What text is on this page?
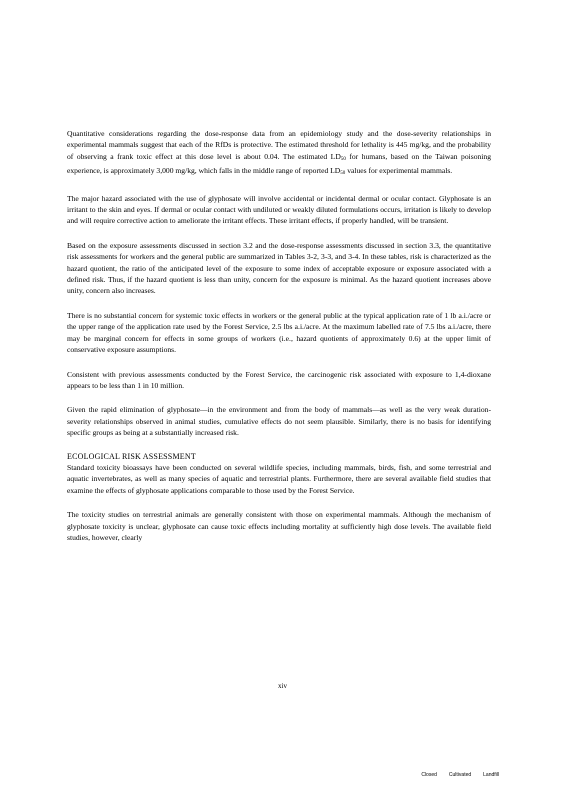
Quantitative considerations regarding the dose-response data from an epidemiology study and the dose-severity relationships in experimental mammals suggest that each of the RfDs is protective. The estimated threshold for lethality is 445 mg/kg, and the probability of observing a frank toxic effect at this dose level is about 0.04. The estimated $LD_{50}$ for humans, based on the Taiwan poisoning experience, is approximately 3,000 mg/kg, which falls in the middle range of reported $LD_{50}$ values for experimental mammals.

The major hazard associated with the use of glyphosate will involve accidental or incidental dermal or ocular contact. Glyphosate is an irritant to the skin and eyes. If dermal or ocular contact with undiluted or weakly diluted formulations occurs, irritation is likely to develop and will require corrective action to ameliorate the irritant effects. These irritant effects, if properly handled, will be transient.

Based on the exposure assessments discussed in section 3.2 and the dose-response assessments discussed in section 3.3, the quantitative risk assessments for workers and the general public are summarized in Tables 3-2, 3-3, and 3-4. In these tables, risk is characterized as the hazard quotient, the ratio of the anticipated level of the exposure to some index of acceptable exposure or exposure associated with a defined risk. Thus, if the hazard quotient is less than unity, concern for the exposure is minimal. As the hazard quotient increases above unity, concern also increases.

There is no substantial concern for systemic toxic effects in workers or the general public at the typical application rate of 1 lb a.i./acre or the upper range of the application rate used by the Forest Service, 2.5 lbs a.i./acre. At the maximum labelled rate of 7.5 lbs a.i./acre, there may be marginal concern for effects in some groups of workers (i.e., hazard quotients of approximately 0.6) at the upper limit of conservative exposure assumptions.

Consistent with previous assessments conducted by the Forest Service, the carcinogenic risk associated with exposure to 1,4-dioxane appears to be less than 1 in 10 million.

Given the rapid elimination of glyphosate—in the environment and from the body of mammals—as well as the very weak duration-severity relationships observed in animal studies, cumulative effects do not seem plausible. Similarly, there is no basis for identifying specific groups as being at a substantially increased risk.

ECOLOGICAL RISK ASSESSMENT

Standard toxicity bioassays have been conducted on several wildlife species, including mammals, birds, fish, and some terrestrial and aquatic invertebrates, as well as many species of aquatic and terrestrial plants. Furthermore, there are several available field studies that examine the effects of glyphosate applications comparable to those used by the Forest Service.

The toxicity studies on terrestrial animals are generally consistent with those on experimental mammals. Although the mechanism of glyphosate toxicity is unclear, glyphosate can cause toxic effects including mortality at sufficiently high dose levels. The available field studies, however, clearly

xiv
Closed Cultivated Landfill
